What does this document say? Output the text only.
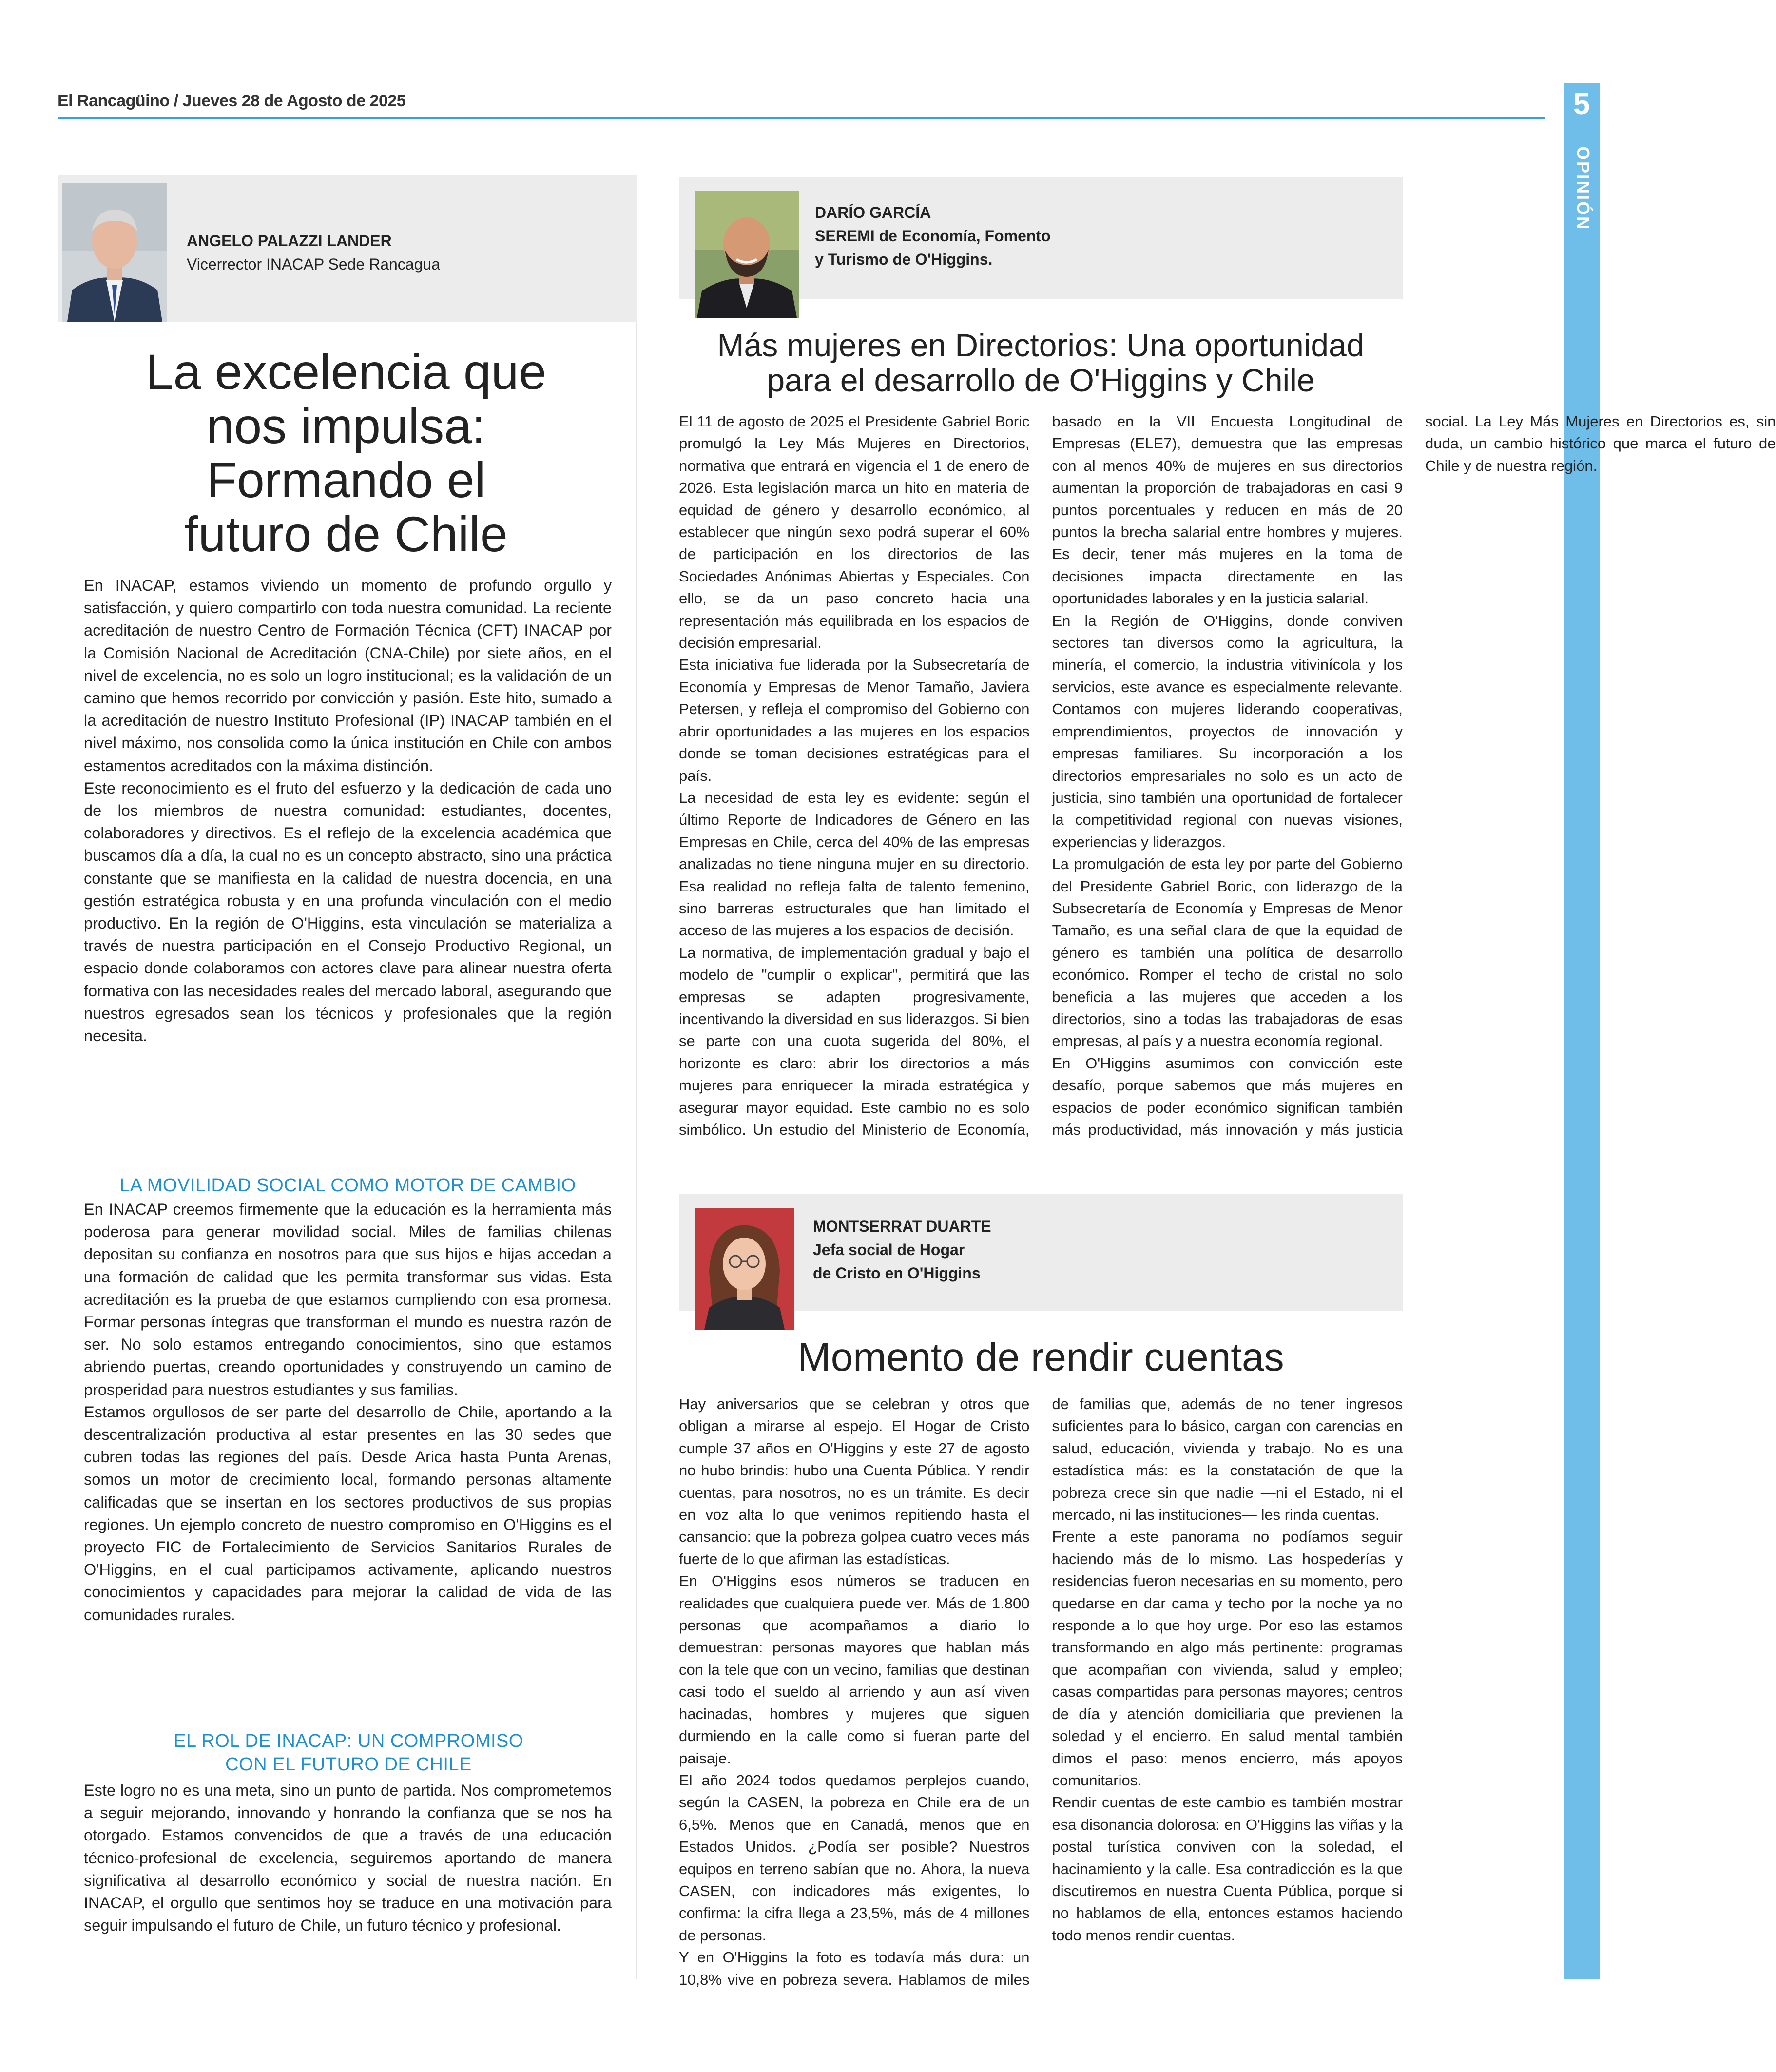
El Rancagüino / Jueves 28 de Agosto de 2025	5
OPINIÓN
ANGELO PALAZZI LANDER
Vicerrector INACAP Sede Rancagua
La excelencia que nos impulsa: Formando el futuro de Chile

En INACAP, estamos viviendo un momento de profundo orgullo y satisfacción, y quiero compartirlo con toda nuestra comunidad. La reciente acreditación de nuestro Centro de Formación Técnica (CFT) INACAP por la Comisión Nacional de Acreditación (CNA-Chile) por siete años, en el nivel de excelencia, no es solo un logro institucional; es la validación de un camino que hemos recorrido por convicción y pasión. Este hito, sumado a la acreditación de nuestro Instituto Profesional (IP) INACAP también en el nivel máximo, nos consolida como la única institución en Chile con ambos estamentos acreditados con la máxima distinción.

Este reconocimiento es el fruto del esfuerzo y la dedicación de cada uno de los miembros de nuestra comunidad: estudiantes, docentes, colaboradores y directivos. Es el reflejo de la excelencia académica que buscamos día a día, la cual no es un concepto abstracto, sino una práctica constante que se manifiesta en la calidad de nuestra docencia, en una gestión estratégica robusta y en una profunda vinculación con el medio productivo. En la región de O'Higgins, esta vinculación se materializa a través de nuestra participación en el Consejo Productivo Regional, un espacio donde colaboramos con actores clave para alinear nuestra oferta formativa con las necesidades reales del mercado laboral, asegurando que nuestros egresados sean los técnicos y profesionales que la región necesita.

LA MOVILIDAD SOCIAL COMO MOTOR DE CAMBIO

En INACAP creemos firmemente que la educación es la herramienta más poderosa para generar movilidad social. Miles de familias chilenas depositan su confianza en nosotros para que sus hijos e hijas accedan a una formación de calidad que les permita transformar sus vidas. Esta acreditación es la prueba de que estamos cumpliendo con esa promesa. Formar personas íntegras que transforman el mundo es nuestra razón de ser. No solo estamos entregando conocimientos, sino que estamos abriendo puertas, creando oportunidades y construyendo un camino de prosperidad para nuestros estudiantes y sus familias.

Estamos orgullosos de ser parte del desarrollo de Chile, aportando a la descentralización productiva al estar presentes en las 30 sedes que cubren todas las regiones del país. Desde Arica hasta Punta Arenas, somos un motor de crecimiento local, formando personas altamente calificadas que se insertan en los sectores productivos de sus propias regiones. Un ejemplo concreto de nuestro compromiso en O'Higgins es el proyecto FIC de Fortalecimiento de Servicios Sanitarios Rurales de O'Higgins, en el cual participamos activamente, aplicando nuestros conocimientos y capacidades para mejorar la calidad de vida de las comunidades rurales.

EL ROL DE INACAP: UN COMPROMISO CON EL FUTURO DE CHILE

Este logro no es una meta, sino un punto de partida. Nos comprometemos a seguir mejorando, innovando y honrando la confianza que se nos ha otorgado. Estamos convencidos de que a través de una educación técnico-profesional de excelencia, seguiremos aportando de manera significativa al desarrollo económico y social de nuestra nación. En INACAP, el orgullo que sentimos hoy se traduce en una motivación para seguir impulsando el futuro de Chile, un futuro técnico y profesional.

DARÍO GARCÍA
SEREMI de Economía, Fomento
y Turismo de O'Higgins.
Más mujeres en Directorios: Una oportunidad
para el desarrollo de O'Higgins y Chile

El 11 de agosto de 2025 el Presidente Gabriel Boric promulgó la Ley Más Mujeres en Directorios, normativa que entrará en vigencia el 1 de enero de 2026. Esta legislación marca un hito en materia de equidad de género y desarrollo económico, al establecer que ningún sexo podrá superar el 60% de participación en los directorios de las Sociedades Anónimas Abiertas y Especiales. Con ello, se da un paso concreto hacia una representación más equilibrada en los espacios de decisión empresarial.

Esta iniciativa fue liderada por la Subsecretaría de Economía y Empresas de Menor Tamaño, Javiera Petersen, y refleja el compromiso del Gobierno con abrir oportunidades a las mujeres en los espacios donde se toman decisiones estratégicas para el país.

La necesidad de esta ley es evidente: según el último Reporte de Indicadores de Género en las Empresas en Chile, cerca del 40% de las empresas analizadas no tiene ninguna mujer en su directorio. Esa realidad no refleja falta de talento femenino, sino barreras estructurales que han limitado el acceso de las mujeres a los espacios de decisión.

La normativa, de implementación gradual y bajo el modelo de "cumplir o explicar", permitirá que las empresas se adapten progresivamente, incentivando la diversidad en sus liderazgos. Si bien se parte con una cuota sugerida del 80%, el horizonte es claro: abrir los directorios a más mujeres para enriquecer la mirada estratégica y asegurar mayor equidad. Este cambio no es solo simbólico. Un estudio del Ministerio de Economía, basado en la VII Encuesta Longitudinal de Empresas (ELE7), demuestra que las empresas con al menos 40% de mujeres en sus directorios aumentan la proporción de trabajadoras en casi 9 puntos porcentuales y reducen en más de 20 puntos la brecha salarial entre hombres y mujeres. Es decir, tener más mujeres en la toma de decisiones impacta directamente en las oportunidades laborales y en la justicia salarial.

En la Región de O'Higgins, donde conviven sectores tan diversos como la agricultura, la minería, el comercio, la industria vitivinícola y los servicios, este avance es especialmente relevante. Contamos con mujeres liderando cooperativas, emprendimientos, proyectos de innovación y empresas familiares. Su incorporación a los directorios empresariales no solo es un acto de justicia, sino también una oportunidad de fortalecer la competitividad regional con nuevas visiones, experiencias y liderazgos.

La promulgación de esta ley por parte del Gobierno del Presidente Gabriel Boric, con liderazgo de la Subsecretaría de Economía y Empresas de Menor Tamaño, es una señal clara de que la equidad de género es también una política de desarrollo económico. Romper el techo de cristal no solo beneficia a las mujeres que acceden a los directorios, sino a todas las trabajadoras de esas empresas, al país y a nuestra economía regional.

En O'Higgins asumimos con convicción este desafío, porque sabemos que más mujeres en espacios de poder económico significan también más productividad, más innovación y más justicia social. La Ley Más Mujeres en Directorios es, sin duda, un cambio histórico que marca el futuro de Chile y de nuestra región.

MONTSERRAT DUARTE
Jefa social de Hogar
de Cristo en O'Higgins
Momento de rendir cuentas

Hay aniversarios que se celebran y otros que obligan a mirarse al espejo. El Hogar de Cristo cumple 37 años en O'Higgins y este 27 de agosto no hubo brindis: hubo una Cuenta Pública. Y rendir cuentas, para nosotros, no es un trámite. Es decir en voz alta lo que venimos repitiendo hasta el cansancio: que la pobreza golpea cuatro veces más fuerte de lo que afirman las estadísticas.

En O'Higgins esos números se traducen en realidades que cualquiera puede ver. Más de 1.800 personas que acompañamos a diario lo demuestran: personas mayores que hablan más con la tele que con un vecino, familias que destinan casi todo el sueldo al arriendo y aun así viven hacinadas, hombres y mujeres que siguen durmiendo en la calle como si fueran parte del paisaje.

El año 2024 todos quedamos perplejos cuando, según la CASEN, la pobreza en Chile era de un 6,5%. Menos que en Canadá, menos que en Estados Unidos. ¿Podía ser posible? Nuestros equipos en terreno sabían que no. Ahora, la nueva CASEN, con indicadores más exigentes, lo confirma: la cifra llega a 23,5%, más de 4 millones de personas.

Y en O'Higgins la foto es todavía más dura: un 10,8% vive en pobreza severa. Hablamos de miles de familias que, además de no tener ingresos suficientes para lo básico, cargan con carencias en salud, educación, vivienda y trabajo. No es una estadística más: es la constatación de que la pobreza crece sin que nadie —ni el Estado, ni el mercado, ni las instituciones— les rinda cuentas.

Frente a este panorama no podíamos seguir haciendo más de lo mismo. Las hospederías y residencias fueron necesarias en su momento, pero quedarse en dar cama y techo por la noche ya no responde a lo que hoy urge. Por eso las estamos transformando en algo más pertinente: programas que acompañan con vivienda, salud y empleo; casas compartidas para personas mayores; centros de día y atención domiciliaria que previenen la soledad y el encierro. En salud mental también dimos el paso: menos encierro, más apoyos comunitarios.

Rendir cuentas de este cambio es también mostrar esa disonancia dolorosa: en O'Higgins las viñas y la postal turística conviven con la soledad, el hacinamiento y la calle. Esa contradicción es la que discutiremos en nuestra Cuenta Pública, porque si no hablamos de ella, entonces estamos haciendo todo menos rendir cuentas.
